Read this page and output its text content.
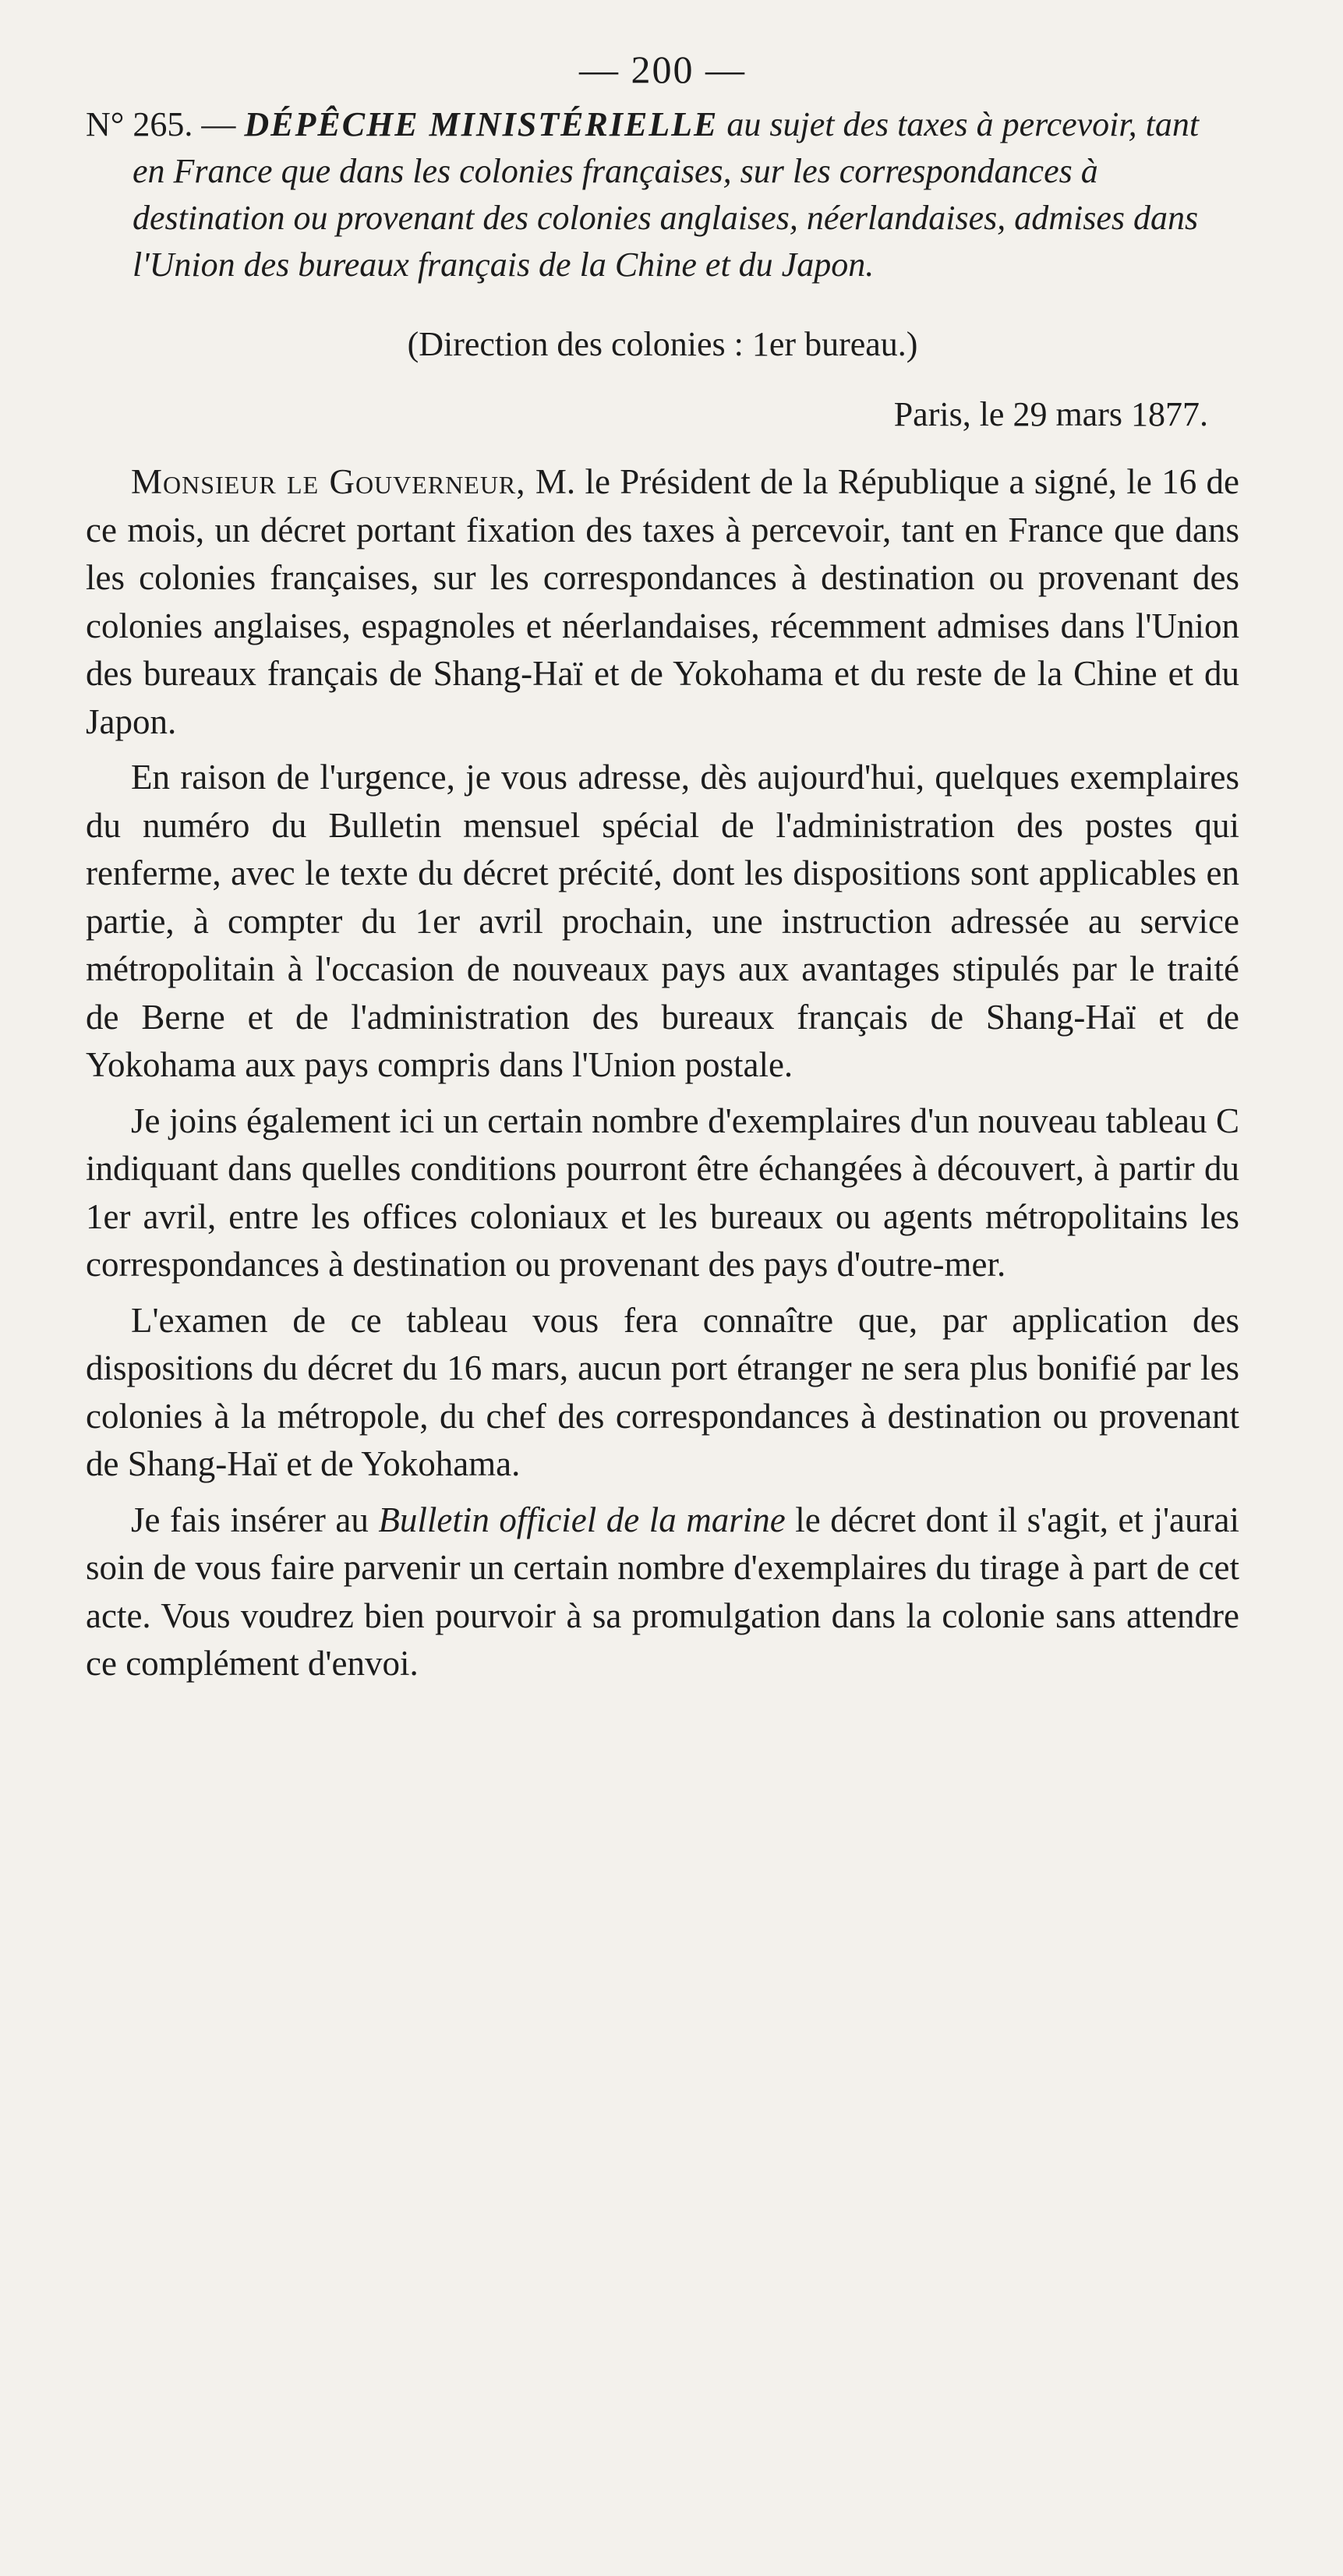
— 200 —

N° 265. — DÉPÊCHE MINISTÉRIELLE au sujet des taxes à percevoir, tant en France que dans les colonies françaises, sur les correspondances à destination ou provenant des colonies anglaises, néerlandaises, admises dans l'Union des bureaux français de la Chine et du Japon.

(Direction des colonies : 1er bureau.)
Paris, le 29 mars 1877.

Monsieur le Gouverneur, M. le Président de la République a signé, le 16 de ce mois, un décret portant fixation des taxes à percevoir, tant en France que dans les colonies françaises, sur les correspondances à destination ou provenant des colonies anglaises, espagnoles et néerlandaises, récemment admises dans l'Union des bureaux français de Shang-Haï et de Yokohama et du reste de la Chine et du Japon.

En raison de l'urgence, je vous adresse, dès aujourd'hui, quelques exemplaires du numéro du Bulletin mensuel spécial de l'administration des postes qui renferme, avec le texte du décret précité, dont les dispositions sont applicables en partie, à compter du 1er avril prochain, une instruction adressée au service métropolitain à l'occasion de nouveaux pays aux avantages stipulés par le traité de Berne et de l'administration des bureaux français de Shang-Haï et de Yokohama aux pays compris dans l'Union postale.

Je joins également ici un certain nombre d'exemplaires d'un nouveau tableau C indiquant dans quelles conditions pourront être échangées à découvert, à partir du 1er avril, entre les offices coloniaux et les bureaux ou agents métropolitains les correspondances à destination ou provenant des pays d'outre-mer.

L'examen de ce tableau vous fera connaître que, par application des dispositions du décret du 16 mars, aucun port étranger ne sera plus bonifié par les colonies à la métropole, du chef des correspondances à destination ou provenant de Shang-Haï et de Yokohama.

Je fais insérer au Bulletin officiel de la marine le décret dont il s'agit, et j'aurai soin de vous faire parvenir un certain nombre d'exemplaires du tirage à part de cet acte. Vous voudrez bien pourvoir à sa promulgation dans la colonie sans attendre ce complément d'envoi.
